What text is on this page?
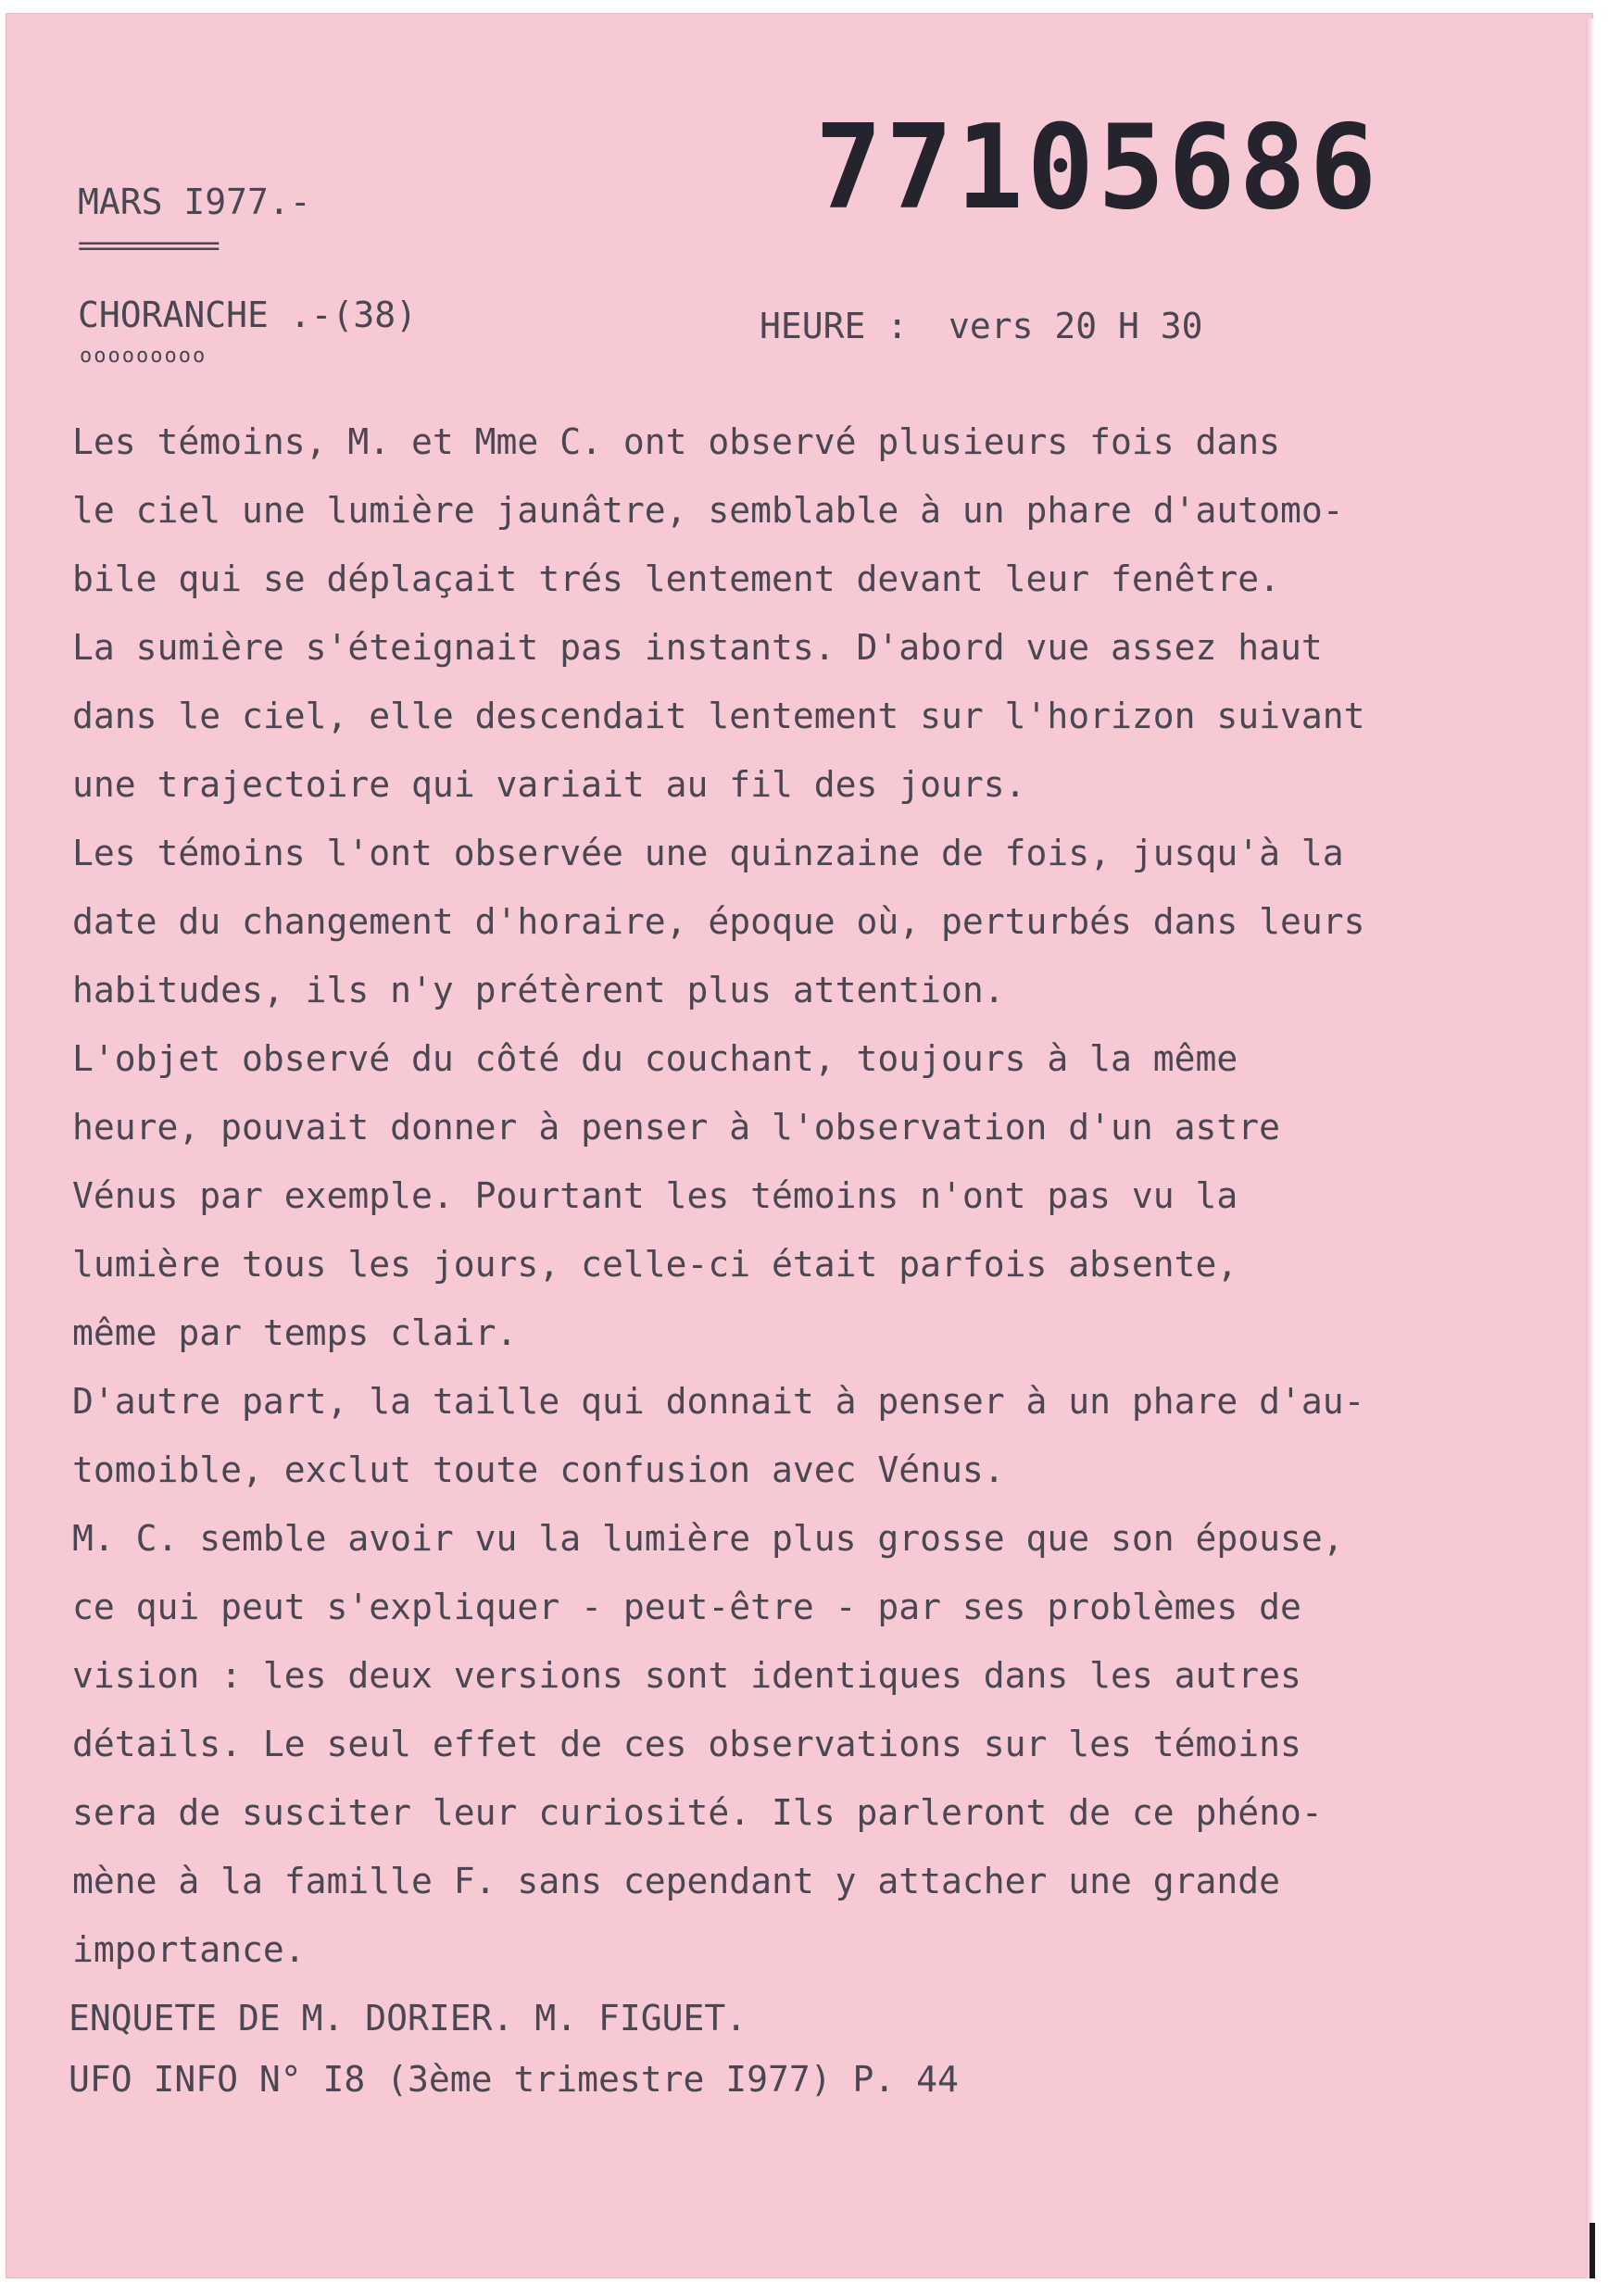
77105686
MARS I977.-
==========
CHORANCHE .-(38)
ooooooooo
HEURE : vers 20 H 30
Les témoins, M. et Mme C. ont observé plusieurs fois dans
le ciel une lumière jaunâtre, semblable à un phare d'automo-
bile qui se déplaçait trés lentement devant leur fenêtre.
La sumière s'éteignait pas instants. D'abord vue assez haut
dans le ciel, elle descendait lentement sur l'horizon suivant
une trajectoire qui variait au fil des jours.
Les témoins l'ont observée une quinzaine de fois, jusqu'à la
date du changement d'horaire, époque où, perturbés dans leurs
habitudes, ils n'y prétèrent plus attention.
L'objet observé du côté du couchant, toujours à la même
heure, pouvait donner à penser à l'observation d'un astre
Vénus par exemple. Pourtant les témoins n'ont pas vu la
lumière tous les jours, celle-ci était parfois absente,
même par temps clair.
D'autre part, la taille qui donnait à penser à un phare d'au-
tomoible, exclut toute confusion avec Vénus.
M. C. semble avoir vu la lumière plus grosse que son épouse,
ce qui peut s'expliquer - peut-être - par ses problèmes de
vision : les deux versions sont identiques dans les autres
détails. Le seul effet de ces observations sur les témoins
sera de susciter leur curiosité. Ils parleront de ce phéno-
mène à la famille F. sans cependant y attacher une grande
importance.
ENQUETE DE M. DORIER. M. FIGUET.
UFO INFO N° I8 (3ème trimestre I977) P. 44
